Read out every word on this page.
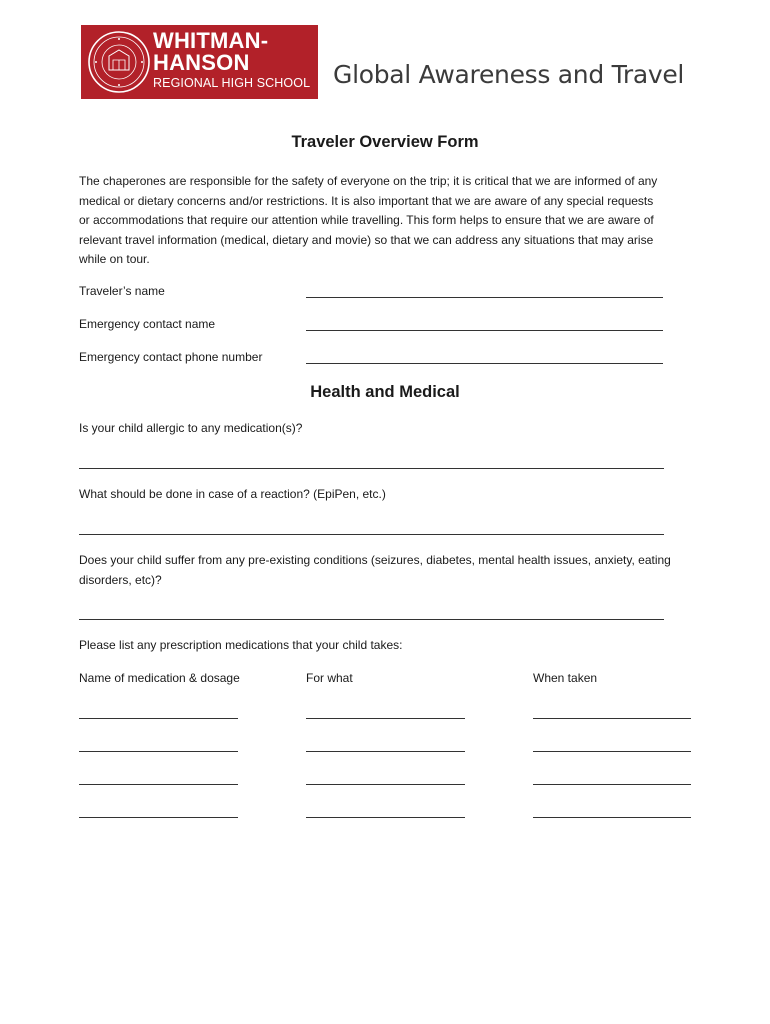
WHITMAN-
HANSON
REGIONAL HIGH SCHOOL Global Awareness and Travel
Traveler Overview Form
The chaperones are responsible for the safety of everyone on the trip; it is critical that we are informed of any
medical or dietary concerns and/or restrictions. It is also important that we are aware of any special requests
or accommodations that require our attention while travelling. This form helps to ensure that we are aware of
relevant travel information (medical, dietary and movie) so that we can address any situations that may arise
while on tour.
Traveler’s name
Emergency contact name
Emergency contact phone number
Health and Medical
Is your child allergic to any medication(s)?
What should be done in case of a reaction? (EpiPen, etc.)
Does your child suffer from any pre-existing conditions (seizures, diabetes, mental health issues, anxiety, eating
disorders, etc)?
Please list any prescription medications that your child takes:
Name of medication & dosage	For what	When taken
